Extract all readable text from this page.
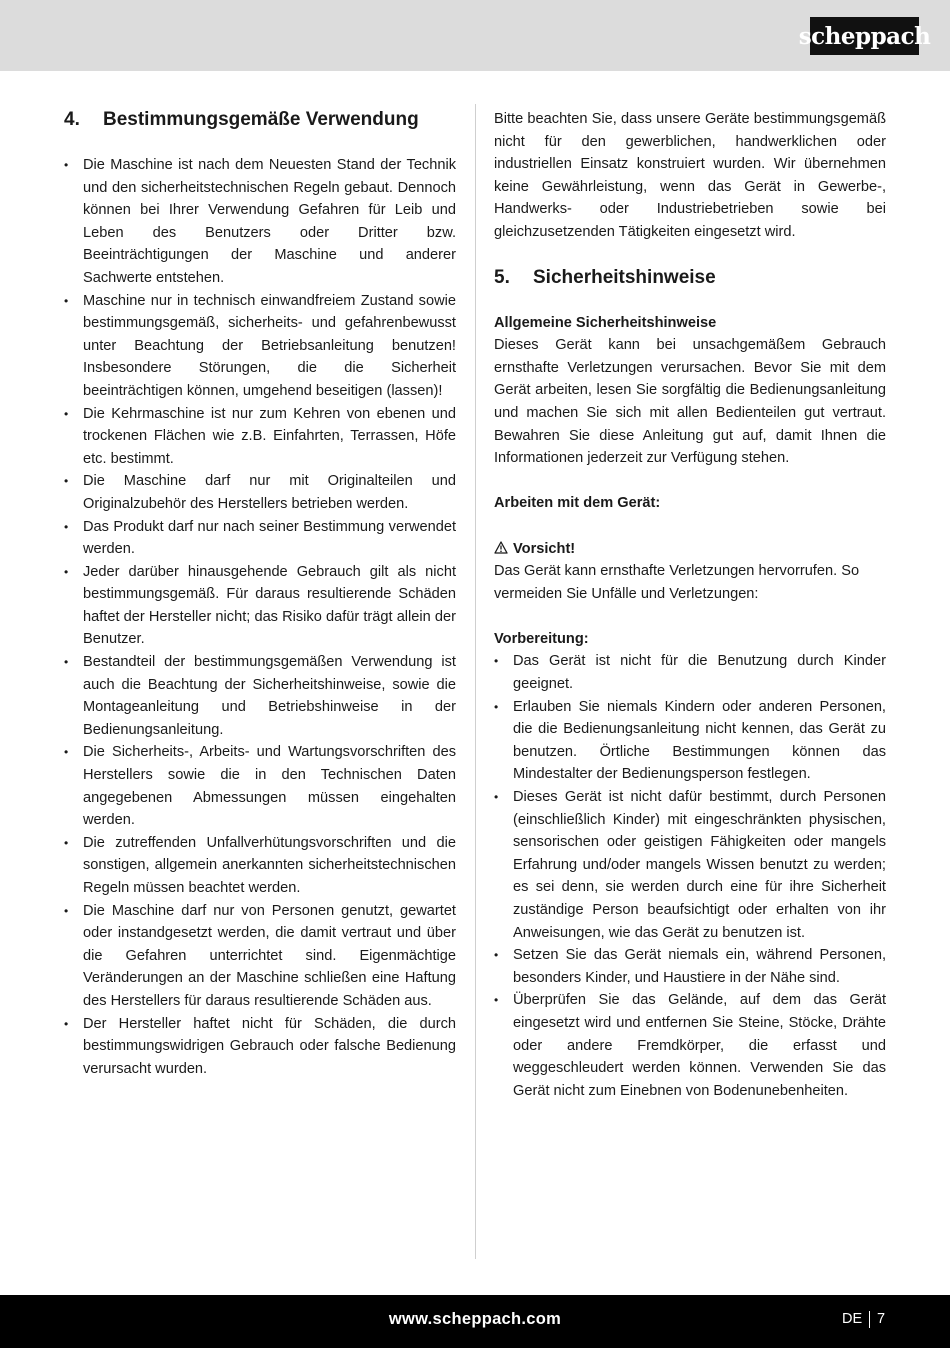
scheppach
4.	Bestimmungsgemäße Verwendung
• Die Maschine ist nach dem Neuesten Stand der Technik und den sicherheitstechnischen Regeln gebaut. Dennoch können bei Ihrer Verwendung Gefahren für Leib und Leben des Benutzers oder Dritter bzw. Beeinträchtigungen der Maschine und anderer Sachwerte entstehen.
• Maschine nur in technisch einwandfreiem Zustand sowie bestimmungsgemäß, sicherheits- und gefahrenbewusst unter Beachtung der Betriebsanleitung benutzen! Insbesondere Störungen, die die Sicherheit beeinträchtigen können, umgehend beseitigen (lassen)!
• Die Kehrmaschine ist nur zum Kehren von ebenen und trockenen Flächen wie z.B. Einfahrten, Terrassen, Höfe etc. bestimmt.
• Die Maschine darf nur mit Originalteilen und Originalzubehör des Herstellers betrieben werden.
• Das Produkt darf nur nach seiner Bestimmung verwendet werden.
• Jeder darüber hinausgehende Gebrauch gilt als nicht bestimmungsgemäß. Für daraus resultierende Schäden haftet der Hersteller nicht; das Risiko dafür trägt allein der Benutzer.
• Bestandteil der bestimmungsgemäßen Verwendung ist auch die Beachtung der Sicherheitshinweise, sowie die Montageanleitung und Betriebshinweise in der Bedienungsanleitung.
• Die Sicherheits-, Arbeits- und Wartungsvorschriften des Herstellers sowie die in den Technischen Daten angegebenen Abmessungen müssen eingehalten werden.
• Die zutreffenden Unfallverhütungsvorschriften und die sonstigen, allgemein anerkannten sicherheitstechnischen Regeln müssen beachtet werden.
• Die Maschine darf nur von Personen genutzt, gewartet oder instandgesetzt werden, die damit vertraut und über die Gefahren unterrichtet sind. Eigenmächtige Veränderungen an der Maschine schließen eine Haftung des Herstellers für daraus resultierende Schäden aus.
• Der Hersteller haftet nicht für Schäden, die durch bestimmungswidrigen Gebrauch oder falsche Bedienung verursacht wurden.

Bitte beachten Sie, dass unsere Geräte bestimmungsgemäß nicht für den gewerblichen, handwerklichen oder industriellen Einsatz konstruiert wurden. Wir übernehmen keine Gewährleistung, wenn das Gerät in Gewerbe-, Handwerks- oder Industriebetrieben sowie bei gleichzusetzenden Tätigkeiten eingesetzt wird.

5.	Sicherheitshinweise
Allgemeine Sicherheitshinweise

Dieses Gerät kann bei unsachgemäßem Gebrauch ernsthafte Verletzungen verursachen. Bevor Sie mit dem Gerät arbeiten, lesen Sie sorgfältig die Bedienungsanleitung und machen Sie sich mit allen Bedienteilen gut vertraut. Bewahren Sie diese Anleitung gut auf, damit Ihnen die Informationen jederzeit zur Verfügung stehen.

Arbeiten mit dem Gerät:
Vorsicht!

Das Gerät kann ernsthafte Verletzungen hervorrufen. So vermeiden Sie Unfälle und Verletzungen:

Vorbereitung:
• Das Gerät ist nicht für die Benutzung durch Kinder geeignet.
• Erlauben Sie niemals Kindern oder anderen Personen, die die Bedienungsanleitung nicht kennen, das Gerät zu benutzen. Örtliche Bestimmungen können das Mindestalter der Bedienungsperson festlegen.
• Dieses Gerät ist nicht dafür bestimmt, durch Personen (einschließlich Kinder) mit eingeschränkten physischen, sensorischen oder geistigen Fähigkeiten oder mangels Erfahrung und/oder mangels Wissen benutzt zu werden; es sei denn, sie werden durch eine für ihre Sicherheit zuständige Person beaufsichtigt oder erhalten von ihr Anweisungen, wie das Gerät zu benutzen ist.
• Setzen Sie das Gerät niemals ein, während Personen, besonders Kinder, und Haustiere in der Nähe sind.
• Überprüfen Sie das Gelände, auf dem das Gerät eingesetzt wird und entfernen Sie Steine, Stöcke, Drähte oder andere Fremdkörper, die erfasst und weggeschleudert werden können. Verwenden Sie das Gerät nicht zum Einebnen von Bodenunebenheiten.
www.scheppach.com	DE 7
